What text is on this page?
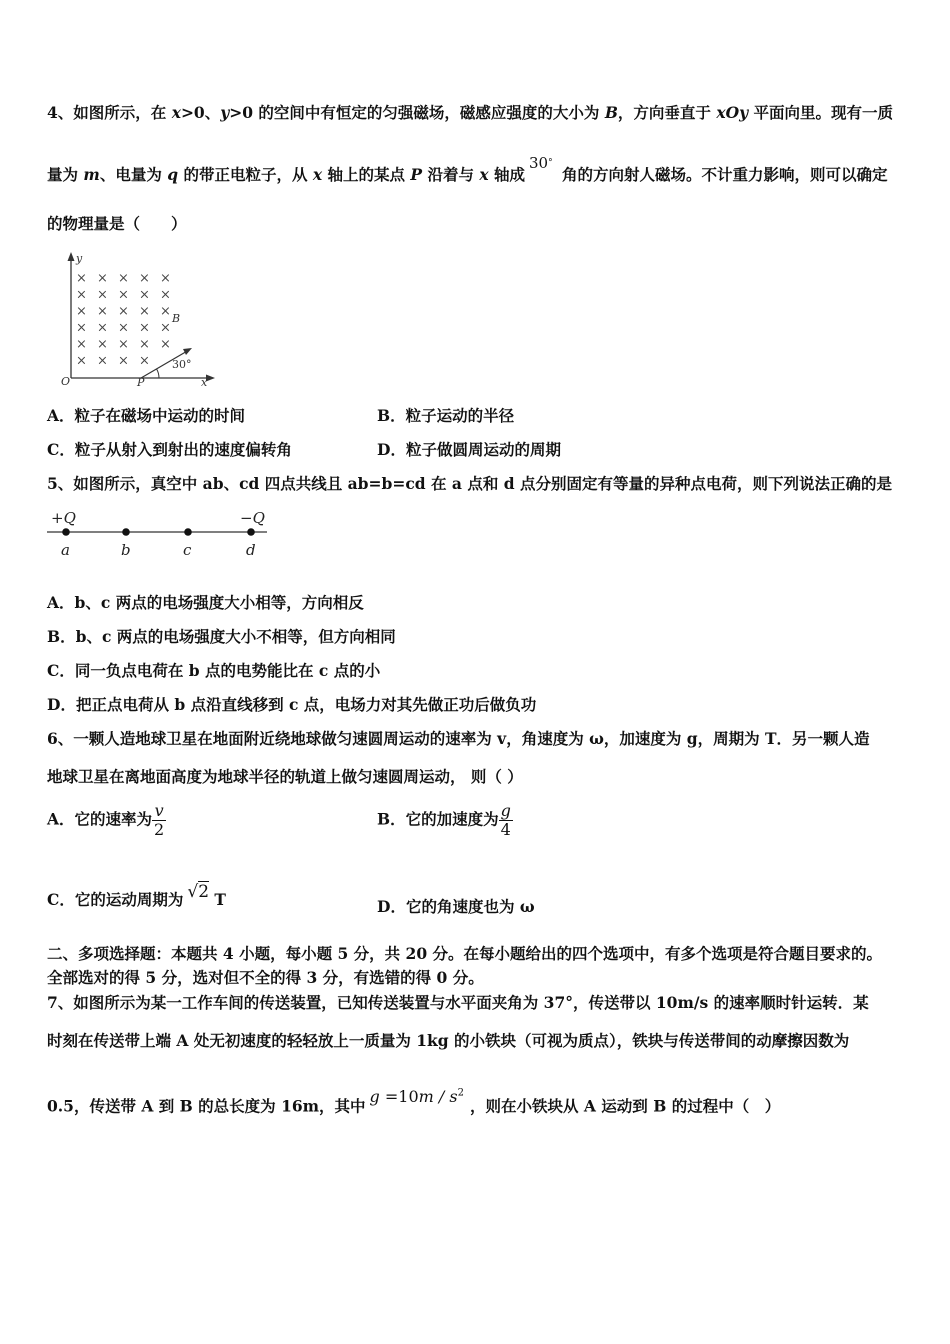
4、如图所示，在 x>0、y>0 的空间中有恒定的匀强磁场，磁感应强度的大小为 B，方向垂直于 xOy 平面向里。现有一质
量为 m、电量为 q 的带正电粒子，从 x 轴上的某点 P 沿着与 x 轴成30° 角的方向射人磁场。不计重力影响，则可以确定
的物理量是（　　）
× × × × ×
× × × × ×
× × × × ×
× × × × ×
× × × × ×
× × × ×
y
x
O	P
B
30°
A．粒子在磁场中运动的时间	B．粒子运动的半径
C．粒子从射入到射出的速度偏转角	D．粒子做圆周运动的周期
5、如图所示，真空中 ab、cd 四点共线且 ab=b=cd 在 a 点和 d 点分别固定有等量的异种点电荷，则下列说法正确的是
+Q	−Q
a	b	c	d
A．b、c 两点的电场强度大小相等，方向相反
B．b、c 两点的电场强度大小不相等，但方向相同
C．同一负点电荷在 b 点的电势能比在 c 点的小
D．把正点电荷从 b 点沿直线移到 c 点，电场力对其先做正功后做负功
6、一颗人造地球卫星在地面附近绕地球做匀速圆周运动的速率为 v，角速度为 ω，加速度为 g，周期为 T．另一颗人造
地球卫星在离地面高度为地球半径的轨道上做匀速圆周运动， 则（ ）
A．它的速率为 $\frac{v}{2}$	B．它的加速度为 $\frac{g}{4}$
C．它的运动周期为 √2 T	D．它的角速度也为 ω
二、多项选择题：本题共 4 小题，每小题 5 分，共 20 分。在每小题给出的四个选项中，有多个选项是符合题目要求的。
全部选对的得 5 分，选对但不全的得 3 分，有选错的得 0 分。
7、如图所示为某一工作车间的传送装置，已知传送装置与水平面夹角为 37°，传送带以 10m/s 的速率顺时针运转．某
时刻在传送带上端 A 处无初速度的轻轻放上一质量为 1kg 的小铁块（可视为质点），铁块与传送带间的动摩擦因数为
0.5，传送带 A 到 B 的总长度为 16m，其中 $g =10m / s^2$，则在小铁块从 A 运动到 B 的过程中（　）
